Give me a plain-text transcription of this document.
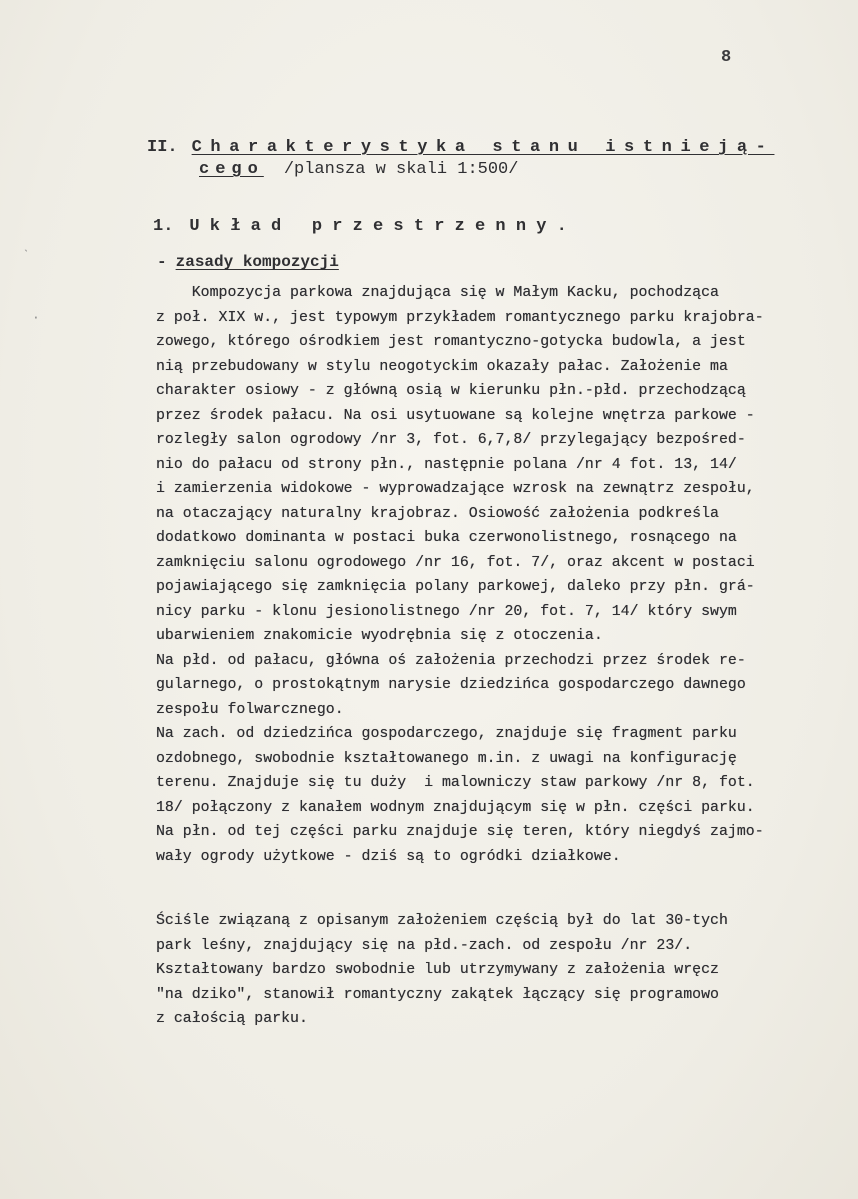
8
II. Charakterystyka stanu istnieją-
cego /plansza w skali 1:500/
1. Układ przestrzenny.
- zasady kompozycji
Kompozycja parkowa znajdująca się w Małym Kacku, pochodząca
z poł. XIX w., jest typowym przykładem romantycznego parku krajobra-
zowego, którego ośrodkiem jest romantyczno-gotycka budowla, a jest
nią przebudowany w stylu neogotyckim okazały pałac. Założenie ma
charakter osiowy - z główną osią w kierunku płn.-płd. przechodzącą
przez środek pałacu. Na osi usytuowane są kolejne wnętrza parkowe -
rozległy salon ogrodowy /nr 3, fot. 6,7,8/ przylegający bezpośred-
nio do pałacu od strony płn., następnie polana /nr 4 fot. 13, 14/
i zamierzenia widokowe - wyprowadzające wzrosk na zewnątrz zespołu,
na otaczający naturalny krajobraz. Osiowość założenia podkreśla
dodatkowo dominanta w postaci buka czerwonolistnego, rosnącego na
zamknięciu salonu ogrodowego /nr 16, fot. 7/, oraz akcent w postaci
pojawiającego się zamknięcia polany parkowej, daleko przy płn. grá-
nicy parku - klonu jesionolistnego /nr 20, fot. 7, 14/ który swym
ubarwieniem znakomicie wyodrębnia się z otoczenia.
Na płd. od pałacu, główna oś założenia przechodzi przez środek re-
gularnego, o prostokątnym narysie dziedzińca gospodarczego dawnego
zespołu folwarcznego.
Na zach. od dziedzińca gospodarczego, znajduje się fragment parku
ozdobnego, swobodnie kształtowanego m.in. z uwagi na konfigurację
terenu. Znajduje się tu duży  i malowniczy staw parkowy /nr 8, fot.
18/ połączony z kanałem wodnym znajdującym się w płn. części parku.
Na płn. od tej części parku znajduje się teren, który niegdyś zajmo-
wały ogrody użytkowe - dziś są to ogródki działkowe.
Ściśle związaną z opisanym założeniem częścią był do lat 30-tych
park leśny, znajdujący się na płd.-zach. od zespołu /nr 23/.
Kształtowany bardzo swobodnie lub utrzymywany z założenia wręcz
"na dziko", stanowił romantyczny zakątek łączący się programowo
z całością parku.
ˎ
·
